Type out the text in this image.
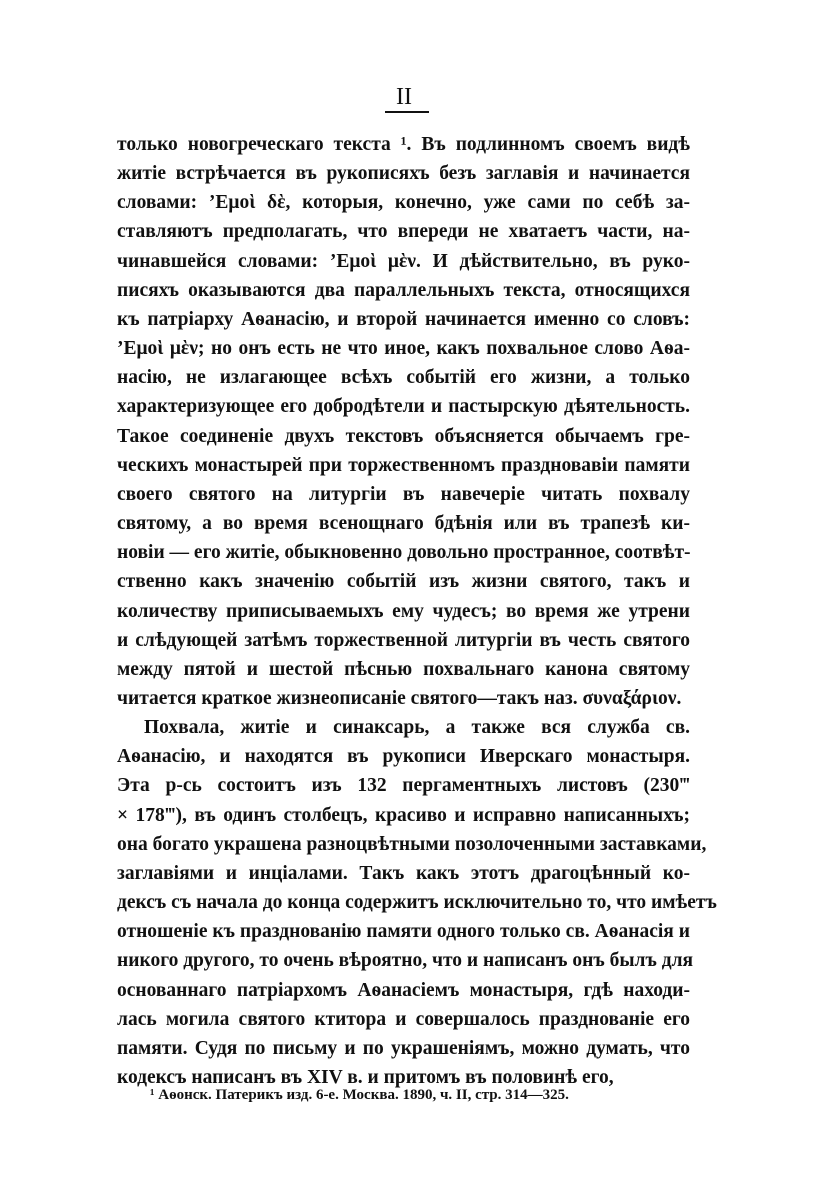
II
только новогреческаго текста ¹. Въ подлинномъ своемъ видѣ
житіе встрѣчается въ рукописяхъ безъ заглавія и начинается
словами: ’Εμοὶ δὲ, которыя, конечно, уже сами по себѣ за-
ставляютъ предполагать, что впереди не хватаетъ части, на-
чинавшейся словами: ’Εμοὶ μὲν. И дѣйствительно, въ руко-
писяхъ оказываются два параллельныхъ текста, относящихся
къ патріарху Аѳанасію, и второй начинается именно со словъ:
’Εμοὶ μὲν; но онъ есть не что иное, какъ похвальное слово Аѳа-
насію, не излагающее всѣхъ событій его жизни, а только
характеризующее его добродѣтели и пастырскую дѣятельность.
Такое соединеніе двухъ текстовъ объясняется обычаемъ гре-
ческихъ монастырей при торжественномъ праздновавіи памяти
своего святого на литургіи въ навечеріе читать похвалу
святому, а во время всенощнаго бдѣнія или въ трапезѣ ки-
новіи — его житіе, обыкновенно довольно пространное, соотвѣт-
ственно какъ значенію событій изъ жизни святого, такъ и
количеству приписываемыхъ ему чудесъ; во время же утрени
и слѣдующей затѣмъ торжественной литургіи въ честь святого
между пятой и шестой пѣснью похвальнаго канона святому
читается краткое жизнеописаніе святого—такъ наз. συναξάριον.
Похвала, житіе и синаксарь, а также вся служба св.
Аѳанасію, и находятся въ рукописи Иверскаго монастыря.
Эта р-сь состоитъ изъ 132 пергаментныхъ листовъ (230‴
× 178‴), въ одинъ столбецъ, красиво и исправно написанныхъ;
она богато украшена разноцвѣтными позолоченными заставками,
заглавіями и инціалами. Такъ какъ этотъ драгоцѣнный ко-
дексъ съ начала до конца содержитъ исключительно то, что имѣетъ
отношеніе къ празднованію памяти одного только св. Аѳанасія и
никого другого, то очень вѣроятно, что и написанъ онъ былъ для
основаннаго патріархомъ Аѳанасіемъ монастыря, гдѣ находи-
лась могила святого ктитора и совершалось празднованіе его
памяти. Судя по письму и по украшеніямъ, можно думать, что
кодексъ написанъ въ XIV в. и притомъ въ половинѣ его,
¹ Аѳонск. Патерикъ изд. 6-е. Москва. 1890, ч. II, стр. 314—325.
